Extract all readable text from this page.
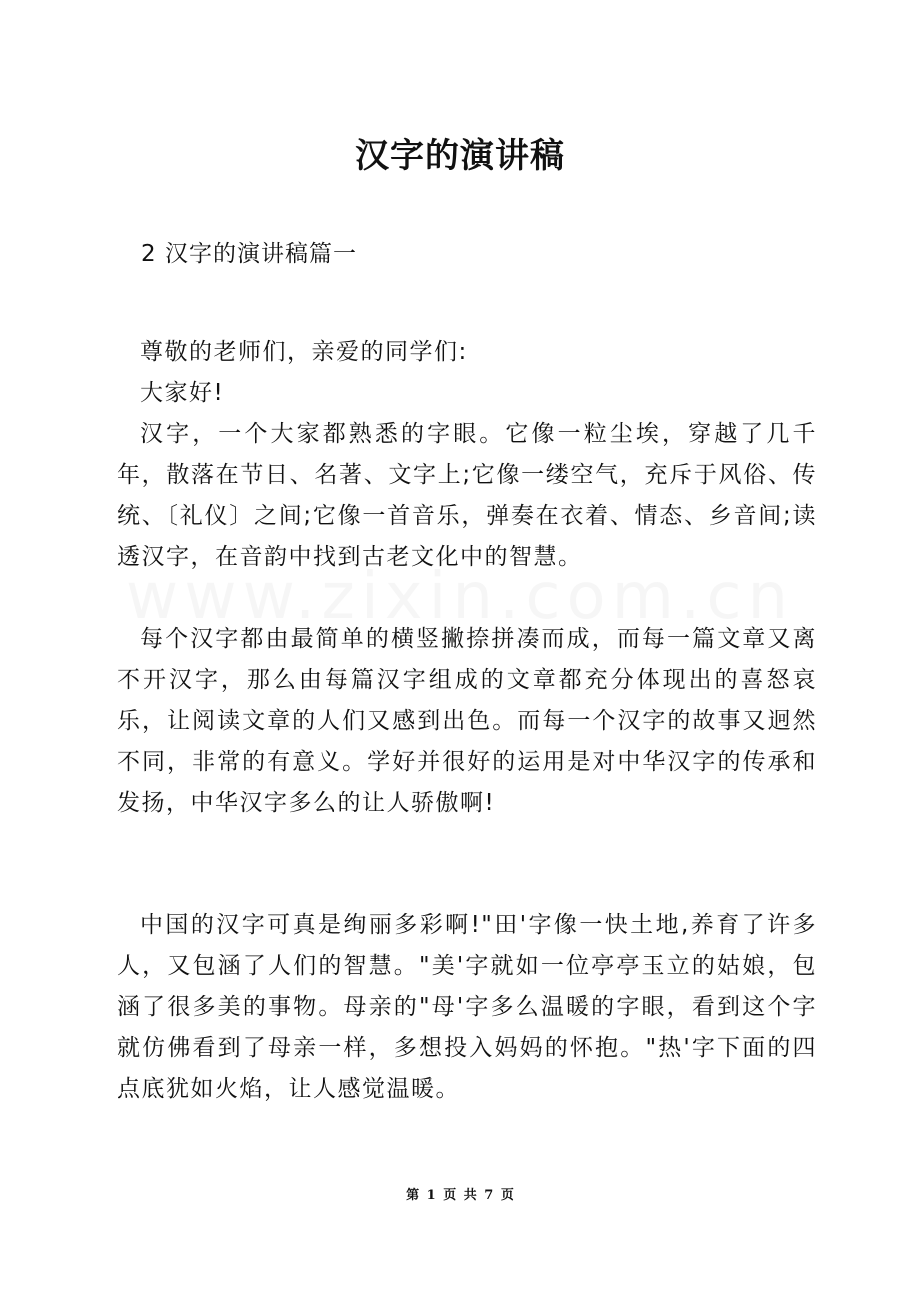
汉字的演讲稿
2 汉字的演讲稿篇一

尊敬的老师们，亲爱的同学们:

大家好!

汉字，一个大家都熟悉的字眼。它像一粒尘埃，穿越了几千年，散落在节日、名著、文字上;它像一缕空气，充斥于风俗、传统、〔礼仪〕之间;它像一首音乐，弹奏在衣着、情态、乡音间;读透汉字，在音韵中找到古老文化中的智慧。

每个汉字都由最简单的横竖撇捺拼凑而成，而每一篇文章又离不开汉字，那么由每篇汉字组成的文章都充分体现出的喜怒哀乐，让阅读文章的人们又感到出色。而每一个汉字的故事又迥然不同，非常的有意义。学好并很好的运用是对中华汉字的传承和发扬，中华汉字多么的让人骄傲啊!

中国的汉字可真是绚丽多彩啊!"田'字像一快土地,养育了许多人，又包涵了人们的智慧。"美'字就如一位亭亭玉立的姑娘，包涵了很多美的事物。母亲的"母'字多么温暖的字眼，看到这个字就仿佛看到了母亲一样，多想投入妈妈的怀抱。"热'字下面的四点底犹如火焰，让人感觉温暖。

第 1 页 共 7 页
